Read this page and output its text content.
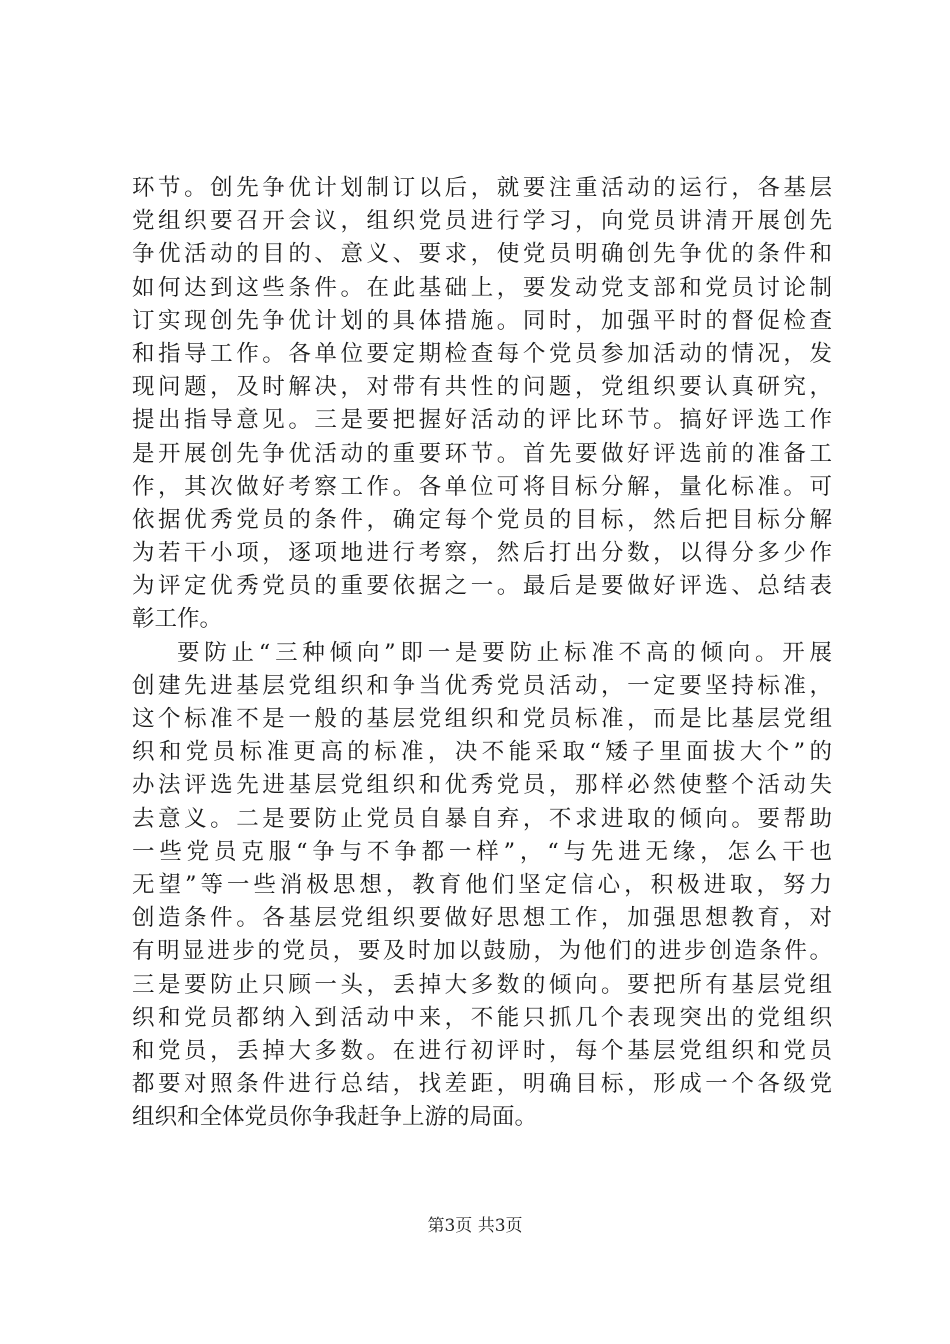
环节。创先争优计划制订以后，就要注重活动的运行，各基层
党组织要召开会议，组织党员进行学习，向党员讲清开展创先
争优活动的目的、意义、要求，使党员明确创先争优的条件和
如何达到这些条件。在此基础上，要发动党支部和党员讨论制
订实现创先争优计划的具体措施。同时，加强平时的督促检查
和指导工作。各单位要定期检查每个党员参加活动的情况，发
现问题，及时解决，对带有共性的问题，党组织要认真研究，
提出指导意见。三是要把握好活动的评比环节。搞好评选工作
是开展创先争优活动的重要环节。首先要做好评选前的准备工
作，其次做好考察工作。各单位可将目标分解，量化标准。可
依据优秀党员的条件，确定每个党员的目标，然后把目标分解
为若干小项，逐项地进行考察，然后打出分数，以得分多少作
为评定优秀党员的重要依据之一。最后是要做好评选、总结表
彰工作。
要防止“三种倾向”即一是要防止标准不高的倾向。开展
创建先进基层党组织和争当优秀党员活动，一定要坚持标准，
这个标准不是一般的基层党组织和党员标准，而是比基层党组
织和党员标准更高的标准，决不能采取“矮子里面拔大个”的
办法评选先进基层党组织和优秀党员，那样必然使整个活动失
去意义。二是要防止党员自暴自弃，不求进取的倾向。要帮助
一些党员克服“争与不争都一样”，“与先进无缘，怎么干也
无望”等一些消极思想，教育他们坚定信心，积极进取，努力
创造条件。各基层党组织要做好思想工作，加强思想教育，对
有明显进步的党员，要及时加以鼓励，为他们的进步创造条件。
三是要防止只顾一头，丢掉大多数的倾向。要把所有基层党组
织和党员都纳入到活动中来，不能只抓几个表现突出的党组织
和党员，丢掉大多数。在进行初评时，每个基层党组织和党员
都要对照条件进行总结，找差距，明确目标，形成一个各级党
组织和全体党员你争我赶争上游的局面。
第3页 共3页
